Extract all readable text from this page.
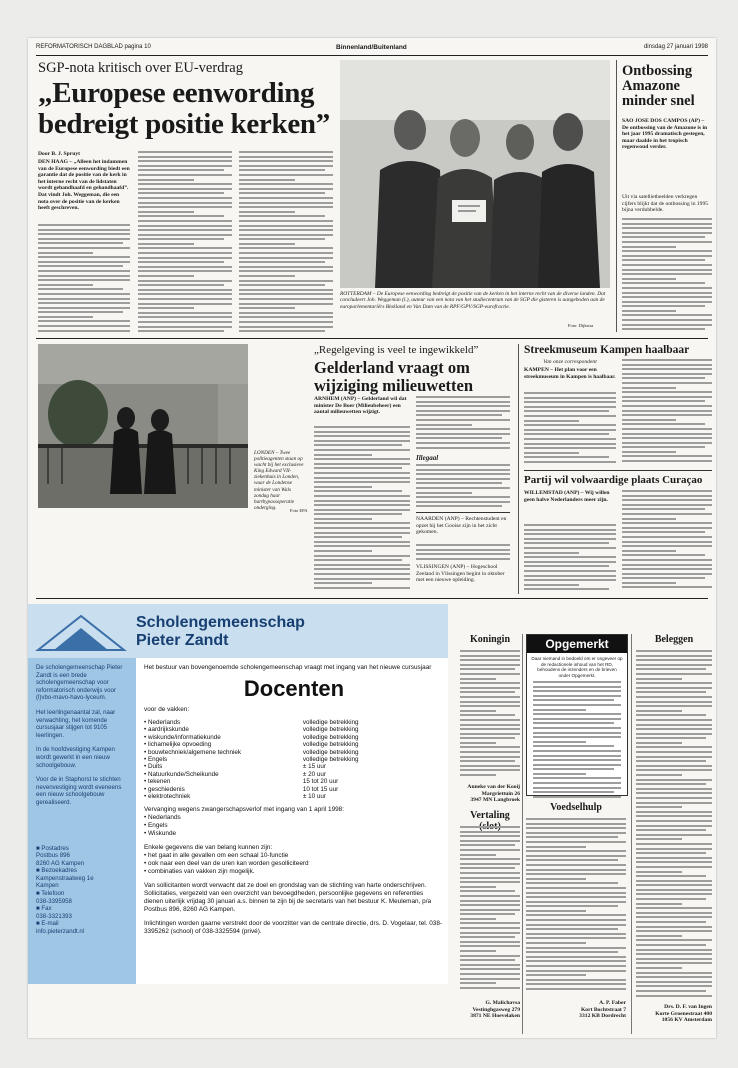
REFORMATORISCH DAGBLAD pagina 10	Binnenland/Buitenland	dinsdag 27 januari 1998
SGP-nota kritisch over EU-verdrag
„Europese eenwording
bedreigt positie kerken”
Door B. J. Spruyt
DEN HAAG – „Alleen het indammen van de Europese eenwording biedt een garantie dat de positie van de kerk in het interne recht van de lidstaten wordt gehandhaafd en gehandhaafd”. Dat vindt Joh. Weggeman, die een nota over de positie van de kerken heeft geschreven.
ROTTERDAM – De Europese eenwording bedreigt de positie van de kerken in het interne recht van de diverse landen. Dat concludeert Joh. Weggeman (l.), auteur van een nota van het studiecentrum van de SGP die gisteren is aangeboden aan de europarlementariërs Blokland en Van Dam van de RPF/GPV/SGP-eurofractie.
Foto: Dijkstra
Ontbossing Amazone minder snel
SAO JOSE DOS CAMPOS (AP) – De ontbossing van de Amazone is in het jaar 1995 dramatisch gestegen, maar daalde in het tropisch regenwoud verder.
Uit via satellietbeelden verkregen cijfers blijkt dat de ontbossing in 1995 bijna verdubbelde.
LONDEN – Twee politieagenten staan op wacht bij het exclusieve King Edward VII-ziekenhuis in Londen, waar de Londense minister van Wals zondag haar hartbypassoperatie onderging.	Foto EPA
„Regelgeving is veel te ingewikkeld”
Gelderland vraagt om wijziging milieuwetten
ARNHEM (ANP) – Gelderland wil dat minister De Boer (Milieubeheer) een aantal milieuwetten wijzigt.
Illegaal
NAARDEN (ANP) – Rechtenstudent en opzet bij het Gooise zijn in het zicht gekomen.
VLISSINGEN (ANP) – Hogeschool Zeeland in Vlissingen begint in oktober met een nieuwe opleiding.
Streekmuseum Kampen haalbaar
Van onze correspondent
KAMPEN – Het plan voor een streekmuseum in Kampen is haalbaar.
Partij wil volwaardige plaats Curaçao
WILLEMSTAD (ANP) – Wij willen geen halve Nederlanders meer zijn.
Scholengemeenschap
Pieter Zandt
De scholengemeenschap Pieter Zandt is een brede scholengemeenschap voor reformatorisch onderwijs voor (l)vbo-mavo-havo-lyceum.
Het leerlingenaantal zal, naar verwachting, het komende cursusjaar stijgen tot 9105 leerlingen.
In de hoofdvestiging Kampen wordt gewerkt in een nieuw schoolgebouw.
Voor de in Staphorst te stichten nevenvestiging wordt eveneens een nieuw schoolgebouw gerealiseerd.
■ Postadres
Postbus 896
8260 AG Kampen
■ Bezoekadres
Kampenstraatweg 1e
Kampen
■ Telefoon
038-3395958
■ Fax
038-3321393
■ E-mail
info.pieterzandt.nl
Het bestuur van bovengenoemde scholengemeenschap vraagt met ingang van het nieuwe cursusjaar
Docenten
voor de vakken:
• Nederlands	volledige betrekking
• aardrijkskunde	volledige betrekking
• wiskunde/informatiekunde	volledige betrekking
• lichamelijke opvoeding	volledige betrekking
• bouwtechniek/algemene techniek	volledige betrekking
• Engels	volledige betrekking
• Duits	± 15 uur
• Natuurkunde/Scheikunde	± 20 uur
• tekenen	15 tot 20 uur
• geschiedenis	10 tot 15 uur
• elektrotechniek	± 10 uur
Vervanging wegens zwangerschapsverlof met ingang van 1 april 1998:
• Nederlands
• Engels
• Wiskunde
Enkele gegevens die van belang kunnen zijn:
• het gaat in alle gevallen om een schaal 10-functie
• ook naar een deel van de uren kan worden gesolliciteerd
• combinaties van vakken zijn mogelijk.
Van sollicitanten wordt verwacht dat ze doel en grondslag van de stichting van harte onderschrijven. Sollicitaties, vergezeld van een overzicht van bevoegdheden, persoonlijke gegevens en referenties dienen uiterlijk vrijdag 30 januari a.s. binnen te zijn bij de secretaris van het bestuur K. Meuleman, p/a Postbus 896, 8260 AG Kampen.
Inlichtingen worden gaarne verstrekt door de voorzitter van de centrale directie, drs. D. Vogelaar, tel. 038-3395262 (school) of 038-3325594 (privé).
Koningin
Anneke van der Kooij
Margriettuin 26
3947 MN Langbroek
Vertaling
G. Malichavsa
Vestinghgasweg 279
3871 NE Hoevelaken
Beleggen
Drs. D. F. van Ingen
Korte Groenestraat 400
1056 KV Amsterdam
Opgemerkt
Daar niemand in bedoeld om er ongeveer op de redactionele inhoud van het RD, behoudens de inzenders en de brieven onder Opgemerkt.
Voedselhulp
A. P. Faber
Kort Bochtstraat 7
3312 KB Dordrecht
